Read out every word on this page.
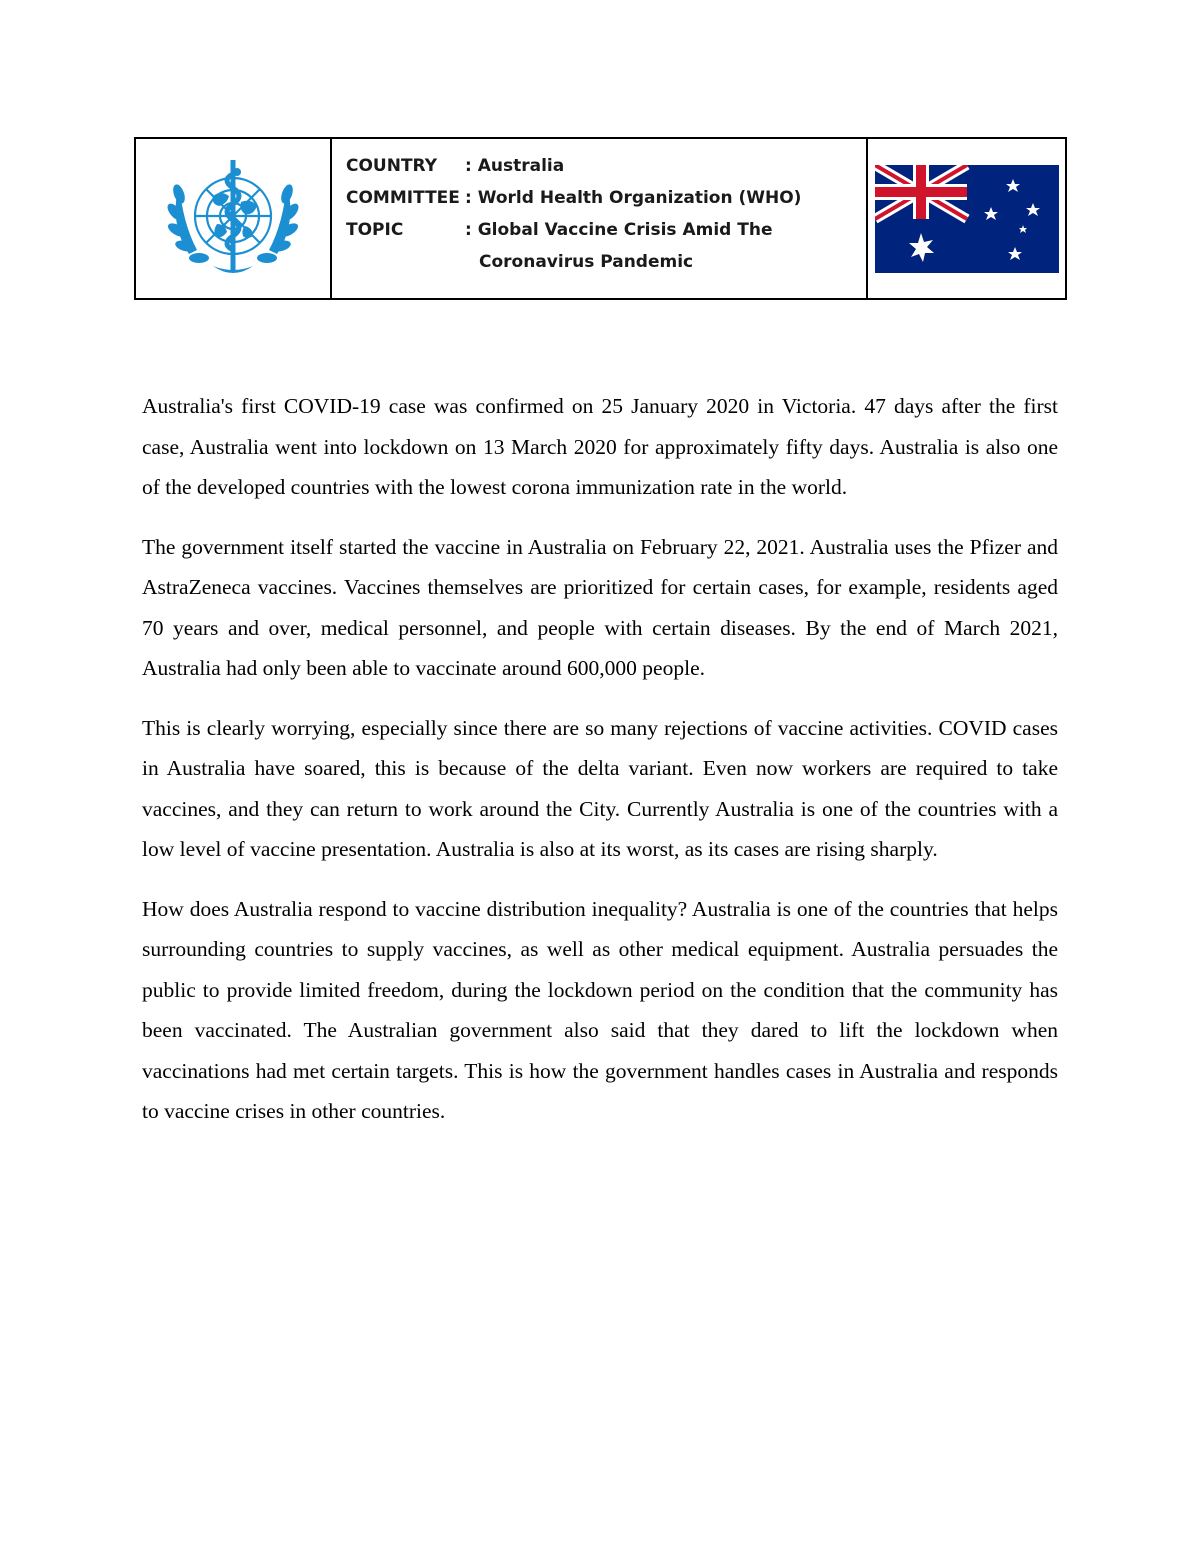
COUNTRY	: Australia
COMMITTEE : World Health Organization (WHO)
TOPIC	: Global Vaccine Crisis Amid The
Coronavirus Pandemic

Australia's first COVID-19 case was confirmed on 25 January 2020 in Victoria. 47 days after the first case, Australia went into lockdown on 13 March 2020 for approximately fifty days. Australia is also one of the developed countries with the lowest corona immunization rate in the world.

The government itself started the vaccine in Australia on February 22, 2021. Australia uses the Pfizer and AstraZeneca vaccines. Vaccines themselves are prioritized for certain cases, for example, residents aged 70 years and over, medical personnel, and people with certain diseases. By the end of March 2021, Australia had only been able to vaccinate around 600,000 people.

This is clearly worrying, especially since there are so many rejections of vaccine activities. COVID cases in Australia have soared, this is because of the delta variant. Even now workers are required to take vaccines, and they can return to work around the City. Currently Australia is one of the countries with a low level of vaccine presentation. Australia is also at its worst, as its cases are rising sharply.

How does Australia respond to vaccine distribution inequality? Australia is one of the countries that helps surrounding countries to supply vaccines, as well as other medical equipment. Australia persuades the public to provide limited freedom, during the lockdown period on the condition that the community has been vaccinated. The Australian government also said that they dared to lift the lockdown when vaccinations had met certain targets. This is how the government handles cases in Australia and responds to vaccine crises in other countries.
